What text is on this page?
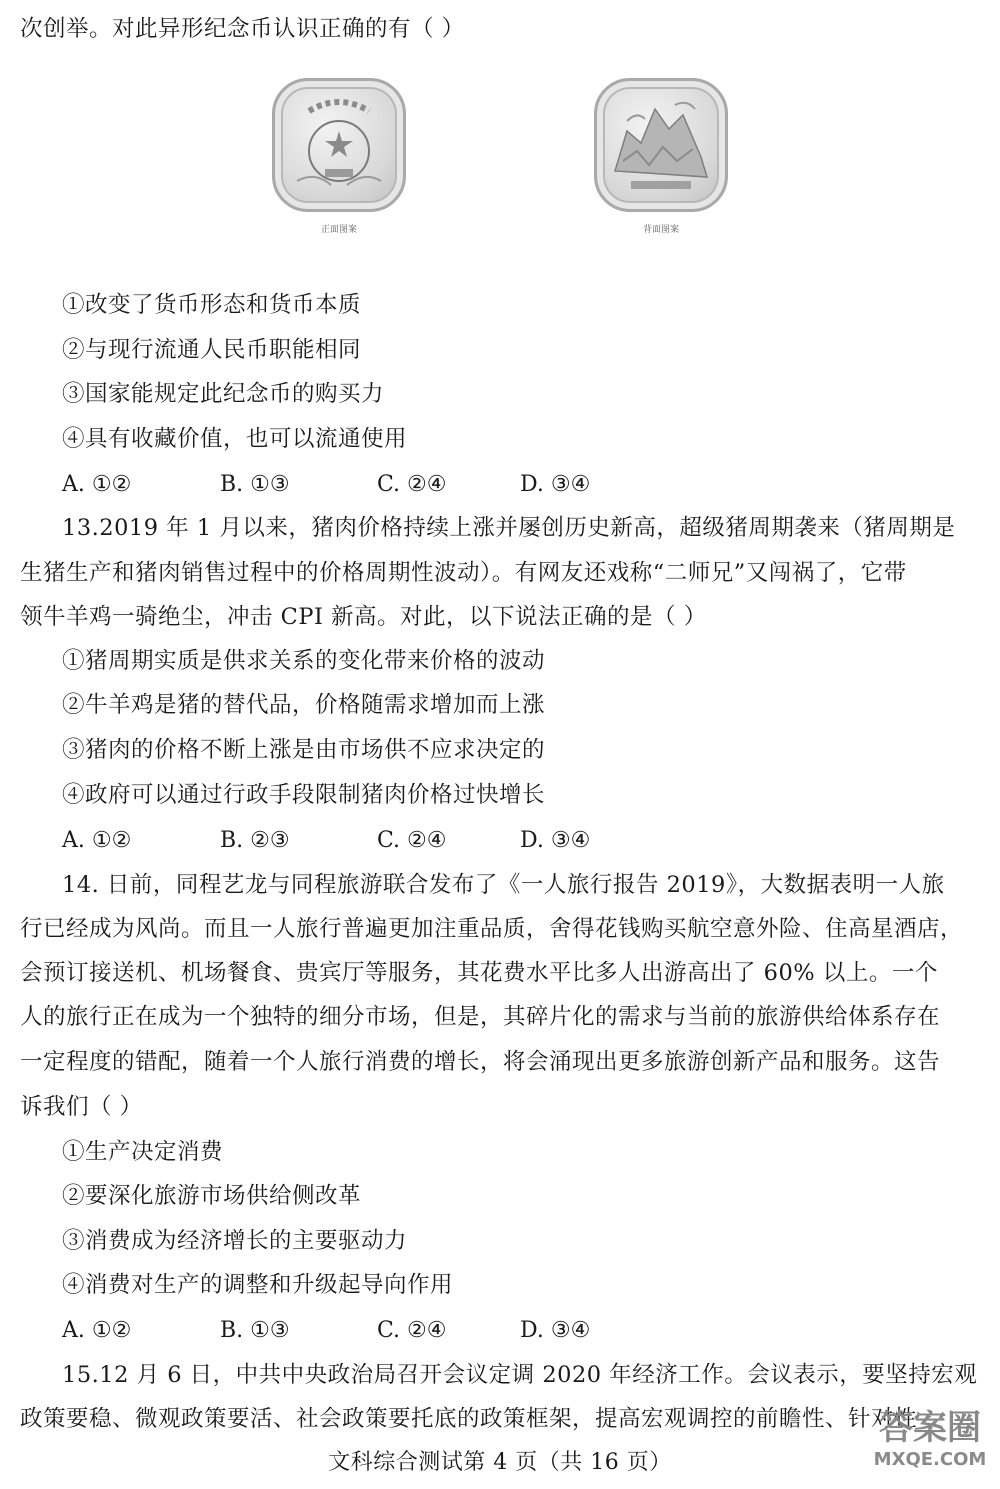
次创举。对此异形纪念币认识正确的有（ ）
正面图案	背面图案
①改变了货币形态和货币本质
②与现行流通人民币职能相同
③国家能规定此纪念币的购买力
④具有收藏价值，也可以流通使用
A. ①②	B. ①③	C. ②④	D. ③④
13.2019 年 1 月以来，猪肉价格持续上涨并屡创历史新高，超级猪周期袭来（猪周期是
生猪生产和猪肉销售过程中的价格周期性波动）。有网友还戏称“二师兄”又闯祸了，它带
领牛羊鸡一骑绝尘，冲击 CPI 新高。对此，以下说法正确的是（ ）
①猪周期实质是供求关系的变化带来价格的波动
②牛羊鸡是猪的替代品，价格随需求增加而上涨
③猪肉的价格不断上涨是由市场供不应求决定的
④政府可以通过行政手段限制猪肉价格过快增长
A. ①②	B. ②③	C. ②④	D. ③④
14. 日前，同程艺龙与同程旅游联合发布了《一人旅行报告 2019》，大数据表明一人旅
行已经成为风尚。而且一人旅行普遍更加注重品质，舍得花钱购买航空意外险、住高星酒店，
会预订接送机、机场餐食、贵宾厅等服务，其花费水平比多人出游高出了 60% 以上。一个
人的旅行正在成为一个独特的细分市场，但是，其碎片化的需求与当前的旅游供给体系存在
一定程度的错配，随着一个人旅行消费的增长，将会涌现出更多旅游创新产品和服务。这告
诉我们（ ）
①生产决定消费
②要深化旅游市场供给侧改革
③消费成为经济增长的主要驱动力
④消费对生产的调整和升级起导向作用
A. ①②	B. ①③	C. ②④	D. ③④
15.12 月 6 日，中共中央政治局召开会议定调 2020 年经济工作。会议表示，要坚持宏观
政策要稳、微观政策要活、社会政策要托底的政策框架，提高宏观调控的前瞻性、针对性
文科综合测试第 4 页（共 16 页）
答案圈
MXQE.COM
